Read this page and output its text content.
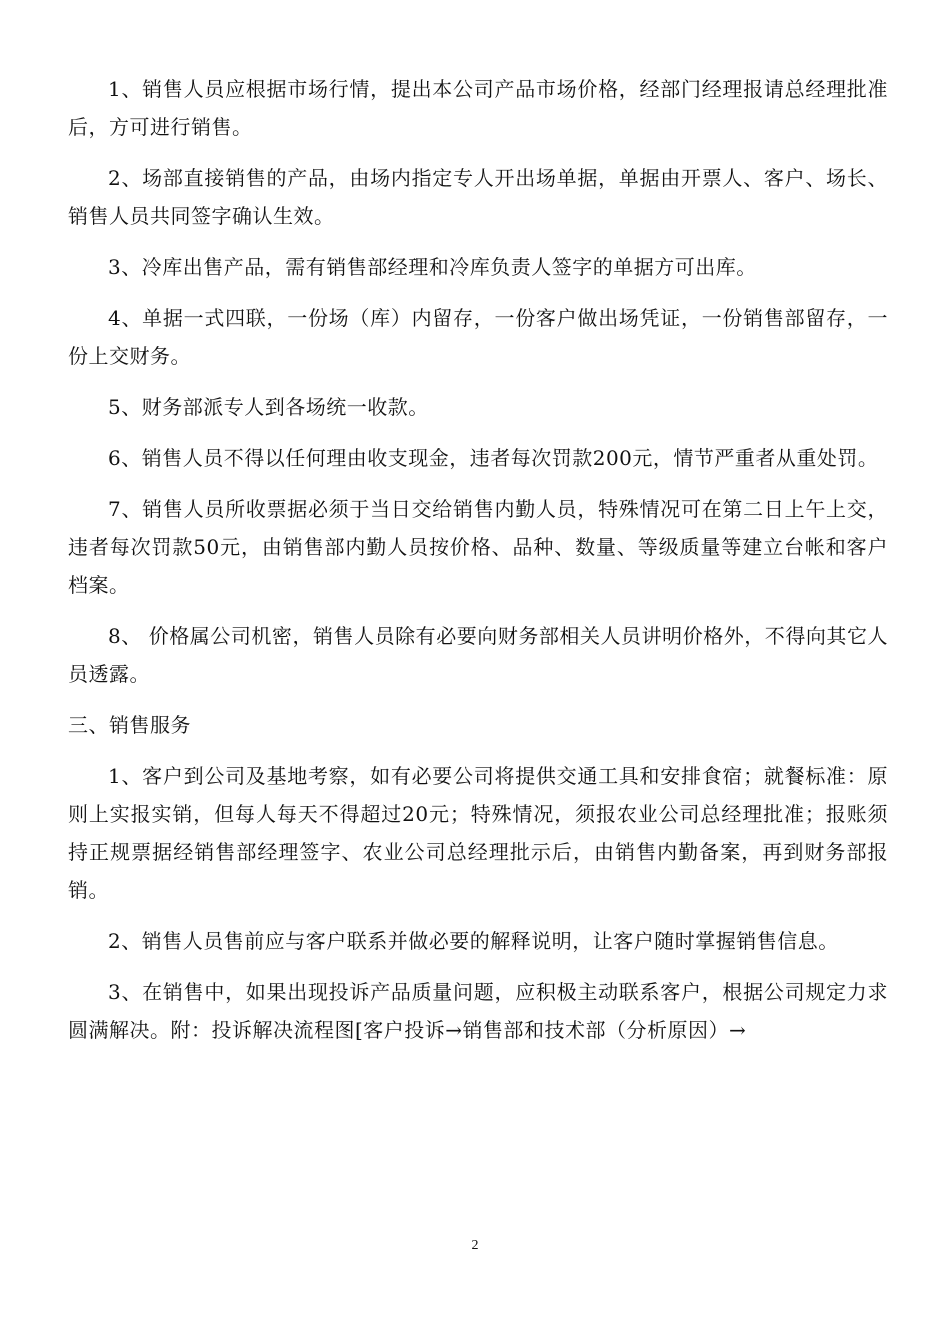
1、销售人员应根据市场行情，提出本公司产品市场价格，经部门经理报请总经理批准后，方可进行销售。

2、场部直接销售的产品，由场内指定专人开出场单据，单据由开票人、客户、场长、销售人员共同签字确认生效。

3、冷库出售产品，需有销售部经理和冷库负责人签字的单据方可出库。

4、单据一式四联，一份场（库）内留存，一份客户做出场凭证，一份销售部留存，一份上交财务。

5、财务部派专人到各场统一收款。

6、销售人员不得以任何理由收支现金，违者每次罚款200元，情节严重者从重处罚。

7、销售人员所收票据必须于当日交给销售内勤人员，特殊情况可在第二日上午上交，违者每次罚款50元，由销售部内勤人员按价格、品种、数量、等级质量等建立台帐和客户档案。

8、 价格属公司机密，销售人员除有必要向财务部相关人员讲明价格外，不得向其它人员透露。

三、销售服务

1、客户到公司及基地考察，如有必要公司将提供交通工具和安排食宿；就餐标准：原则上实报实销，但每人每天不得超过20元；特殊情况，须报农业公司总经理批准；报账须持正规票据经销售部经理签字、农业公司总经理批示后，由销售内勤备案，再到财务部报销。

2、销售人员售前应与客户联系并做必要的解释说明，让客户随时掌握销售信息。

3、在销售中，如果出现投诉产品质量问题，应积极主动联系客户，根据公司规定力求圆满解决。附：投诉解决流程图[客户投诉→销售部和技术部（分析原因）→

2
